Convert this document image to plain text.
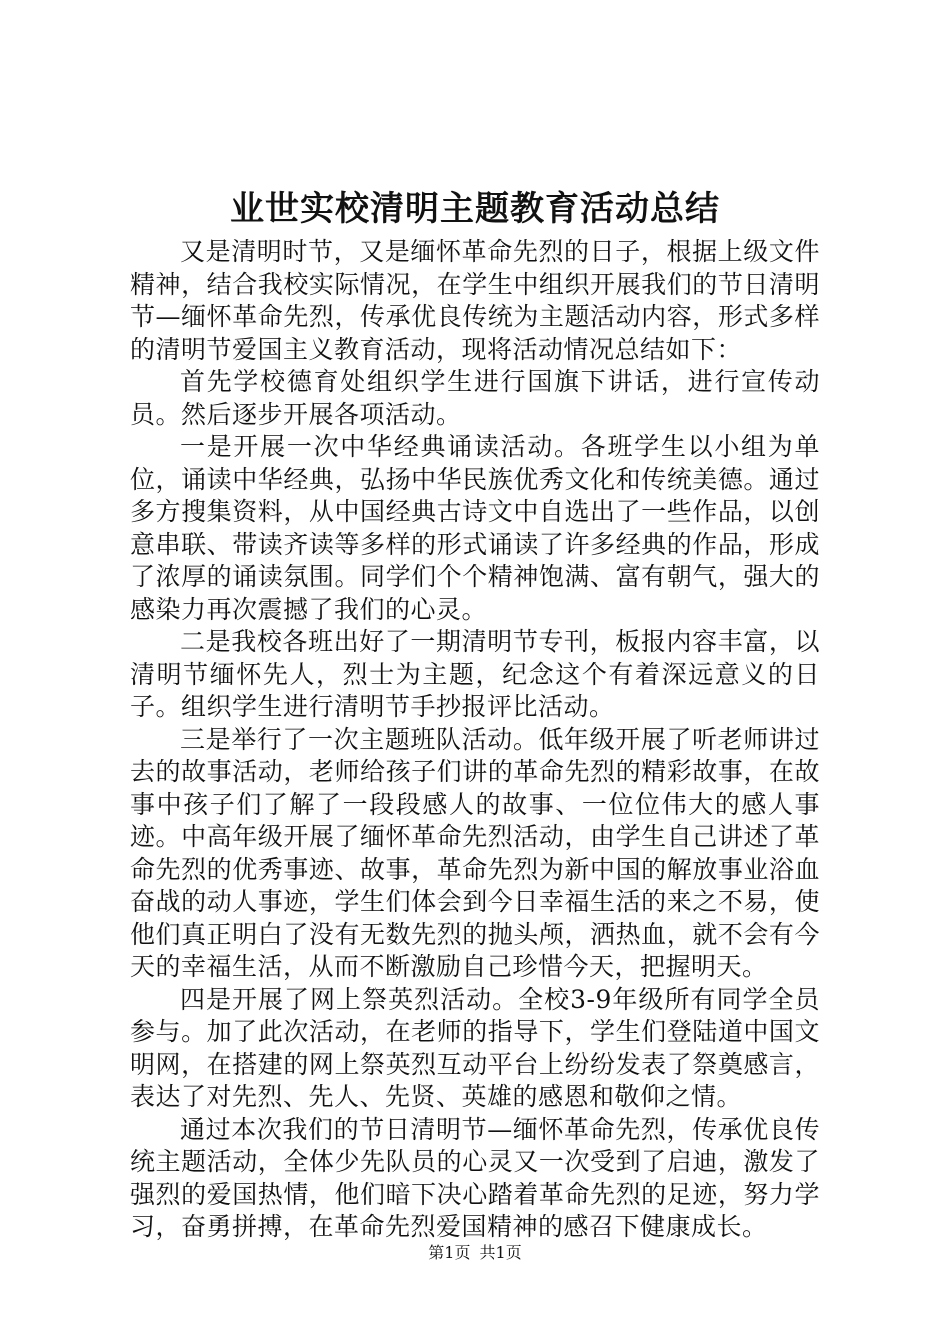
业世实校清明主题教育活动总结

又是清明时节，又是缅怀革命先烈的日子，根据上级文件精神，结合我校实际情况，在学生中组织开展我们的节日清明节—缅怀革命先烈，传承优良传统为主题活动内容，形式多样的清明节爱国主义教育活动，现将活动情况总结如下：

首先学校德育处组织学生进行国旗下讲话，进行宣传动员。然后逐步开展各项活动。

一是开展一次中华经典诵读活动。各班学生以小组为单位，诵读中华经典，弘扬中华民族优秀文化和传统美德。通过多方搜集资料，从中国经典古诗文中自选出了一些作品，以创意串联、带读齐读等多样的形式诵读了许多经典的作品，形成了浓厚的诵读氛围。同学们个个精神饱满、富有朝气，强大的感染力再次震撼了我们的心灵。

二是我校各班出好了一期清明节专刊，板报内容丰富，以清明节缅怀先人，烈士为主题，纪念这个有着深远意义的日子。组织学生进行清明节手抄报评比活动。

三是举行了一次主题班队活动。低年级开展了听老师讲过去的故事活动，老师给孩子们讲的革命先烈的精彩故事，在故事中孩子们了解了一段段感人的故事、一位位伟大的感人事迹。中高年级开展了缅怀革命先烈活动，由学生自己讲述了革命先烈的优秀事迹、故事，革命先烈为新中国的解放事业浴血奋战的动人事迹，学生们体会到今日幸福生活的来之不易，使他们真正明白了没有无数先烈的抛头颅，洒热血，就不会有今天的幸福生活，从而不断激励自己珍惜今天，把握明天。

四是开展了网上祭英烈活动。全校3-9年级所有同学全员参与。加了此次活动，在老师的指导下，学生们登陆道中国文明网，在搭建的网上祭英烈互动平台上纷纷发表了祭奠感言，表达了对先烈、先人、先贤、英雄的感恩和敬仰之情。

通过本次我们的节日清明节—缅怀革命先烈，传承优良传统主题活动，全体少先队员的心灵又一次受到了启迪，激发了强烈的爱国热情，他们暗下决心踏着革命先烈的足迹，努力学习，奋勇拼搏，在革命先烈爱国精神的感召下健康成长。

第1页 共1页
